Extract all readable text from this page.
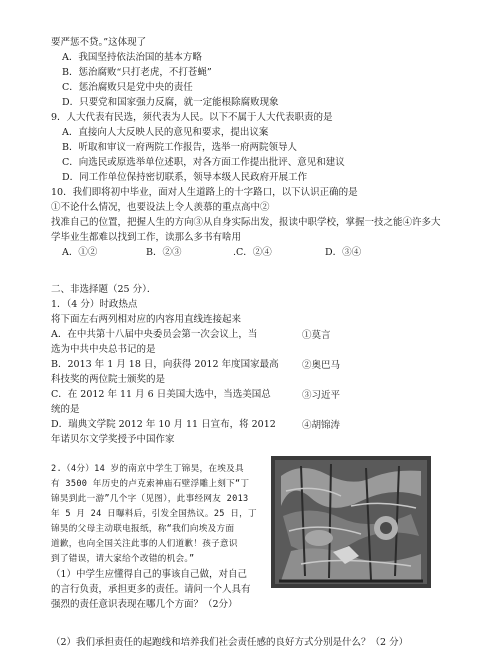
要严惩不贷。”这体现了
A．我国坚持依法治国的基本方略
B．惩治腐败“只打老虎，不打苍蝇”
C．惩治腐败只是党中央的责任
D．只要党和国家强力反腐，就一定能根除腐败现象
9．人大代表有民选，须代表为人民。以下不属于人大代表职责的是
A．直接向人大反映人民的意见和要求，提出议案
B．听取和审议一府两院工作报告，选举一府两院领导人
C．向选民或原选举单位述职，对各方面工作提出批评、意见和建议
D．同工作单位保持密切联系，领导本级人民政府开展工作
10．我们即将初中毕业，面对人生道路上的十字路口，以下认识正确的是
①不论什么情况，也要设法上令人羡慕的重点高中②
找准自己的位置，把握人生的方向③从自身实际出发，报读中职学校，掌握一技之能④许多大
学毕业生都难以找到工作，读那么多书有啥用
A．①②	B．②③	.C．②④	D．③④
二、非选择题（25 分）．
1．（4 分）时政热点
将下面左右两列相对应的内容用直线连接起来
A．在中共第十八届中央委员会第一次会议上，当
选为中共中央总书记的是
B．2013 年 1 月 18 日，向获得 2012 年度国家最高
科技奖的两位院士颁奖的是
C．在 2012 年 11 月 6 日美国大选中，当选美国总
统的是
D．瑞典文学院 2012 年 10 月 11 日宣布，将 2012
年诺贝尔文学奖授予中国作家
①莫言
②奥巴马
③习近平
④胡锦涛
2.（4分）14 岁的南京中学生丁锦昊，在埃及具
有 3500 年历史的卢克索神庙石壁浮雕上刻下“丁
锦昊到此一游”几个字（见图），此事经网友 2013
年 5 月 24 日曝料后，引发全国热议。25 日，丁
锦昊的父母主动联电报纸，称“我们向埃及方面
道歉，也向全国关注此事的人们道歉！孩子意识
到了错误，请大家给个改错的机会。”
（1）中学生应懂得自己的事该自己做，对自己
的言行负责，承担更多的责任。请问一个人具有
强烈的责任意识表现在哪几个方面？（2分）
（2）我们承担责任的起跑线和培养我们社会责任感的良好方式分别是什么？（2 分）
